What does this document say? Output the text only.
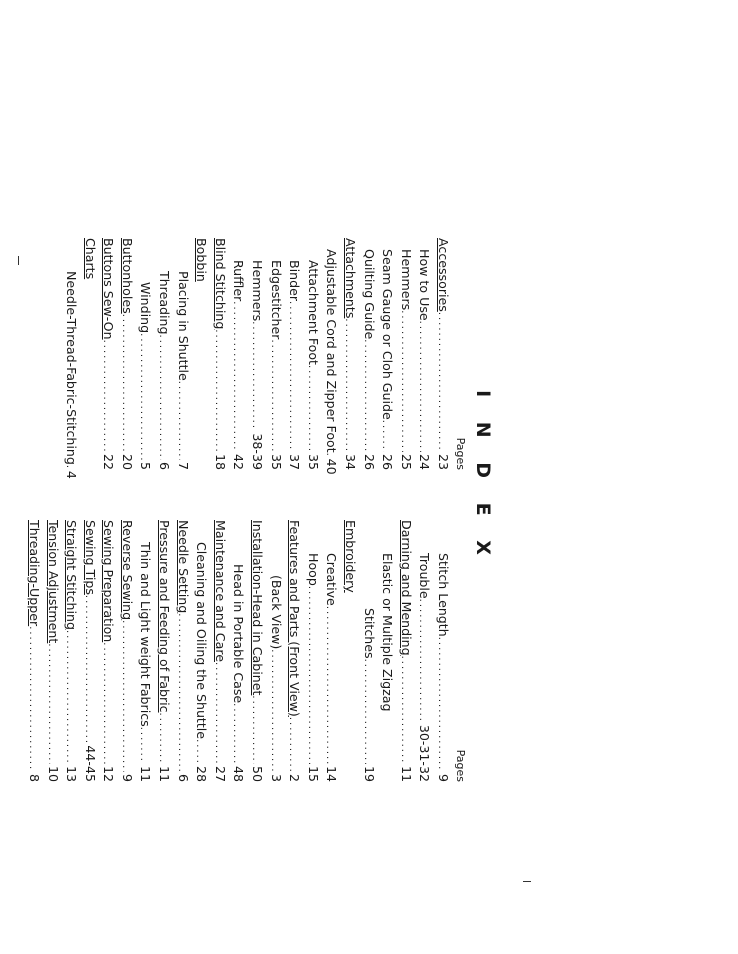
I N D E X
Pages
Accessories
.....
23
How to Use
.....
24
Hemmers
.....
25
Seam Gauge or Cloh Guide
.....
26
Quilting Guide
.....
26
Attachments
.....
34
Adjustable Cord and Zipper Foot
.....
40
Attachment Foot
.....
35
Binder
.....
37
Edgestitcher
.....
35
Hemmers
.....
38-39
Ruffler
.....
42
Blind Stitching
.....
18
Bobbin
Placing in Shuttle
.....
7
Threading
.....
6
Winding
.....
5
Buttonholes
.....
20
Buttons Sew-On
.....
22
Charts
Needle-Thread-Fabric-Stitching
.....
4
Pages
Stitch Length
.....
9
Trouble
.....
30-31-32
Darning and Mending
.....
11
Elastic or Multiple Zigzag
Stitches
.....
19
Embroidery
Creative
.....
14
Hoop
.....
15
Features and Parts (Front View)
.....
2
(Back View)
.....
3
Installation-Head in Cabinet
.....
50
Head in Portable Case
.....
48
Maintenance and Care
.....
27
Cleaning and Oiling the Shuttle
.....
28
Needle Setting
.....
6
Pressure and Feeding of Fabric
.....
11
Thin and Light weight Fabrics
.....
11
Reverse Sewing
.....
9
Sewing Preparation
.....
12
Sewing Tips
.....
44-45
Straight Stitching
.....
13
Tension Adjustment
.....
10
Threading-Upper
.....
8
